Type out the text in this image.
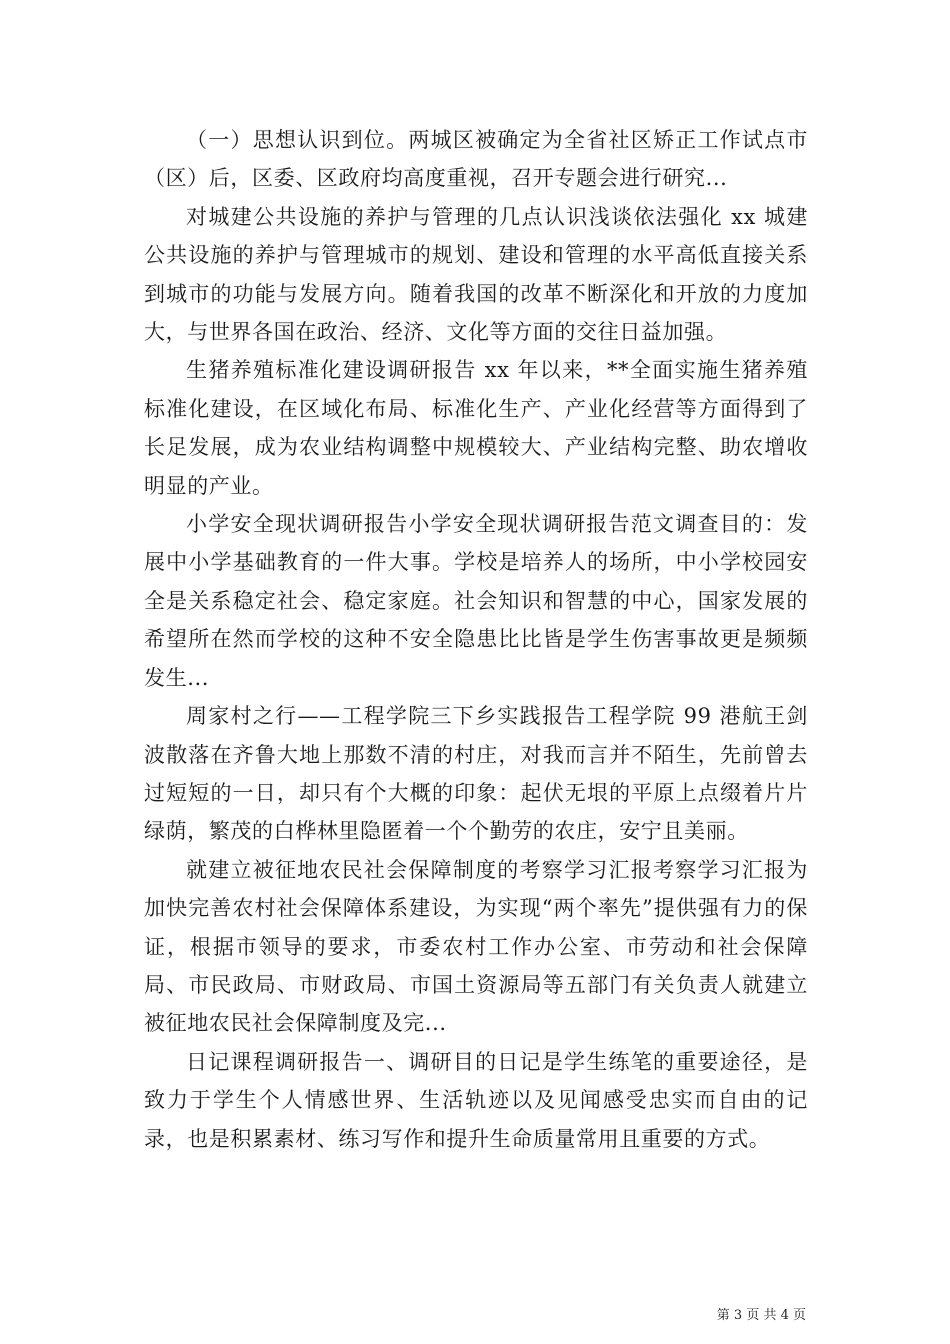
（一）思想认识到位。两城区被确定为全省社区矫正工作试点市（区）后，区委、区政府均高度重视，召开专题会进行研究...

对城建公共设施的养护与管理的几点认识浅谈依法强化 xx 城建公共设施的养护与管理城市的规划、建设和管理的水平高低直接关系到城市的功能与发展方向。随着我国的改革不断深化和开放的力度加大，与世界各国在政治、经济、文化等方面的交往日益加强。

生猪养殖标准化建设调研报告 xx 年以来，**全面实施生猪养殖标准化建设，在区域化布局、标准化生产、产业化经营等方面得到了长足发展，成为农业结构调整中规模较大、产业结构完整、助农增收明显的产业。

小学安全现状调研报告小学安全现状调研报告范文调查目的：发展中小学基础教育的一件大事。学校是培养人的场所，中小学校园安全是关系稳定社会、稳定家庭。社会知识和智慧的中心，国家发展的希望所在然而学校的这种不安全隐患比比皆是学生伤害事故更是频频发生...

周家村之行——工程学院三下乡实践报告工程学院 99 港航王剑波散落在齐鲁大地上那数不清的村庄，对我而言并不陌生，先前曾去过短短的一日，却只有个大概的印象：起伏无垠的平原上点缀着片片绿荫，繁茂的白桦林里隐匿着一个个勤劳的农庄，安宁且美丽。

就建立被征地农民社会保障制度的考察学习汇报考察学习汇报为加快完善农村社会保障体系建设，为实现“两个率先”提供强有力的保证，根据市领导的要求，市委农村工作办公室、市劳动和社会保障局、市民政局、市财政局、市国土资源局等五部门有关负责人就建立被征地农民社会保障制度及完...

日记课程调研报告一、调研目的日记是学生练笔的重要途径，是致力于学生个人情感世界、生活轨迹以及见闻感受忠实而自由的记录，也是积累素材、练习写作和提升生命质量常用且重要的方式。

第 3 页 共 4 页
